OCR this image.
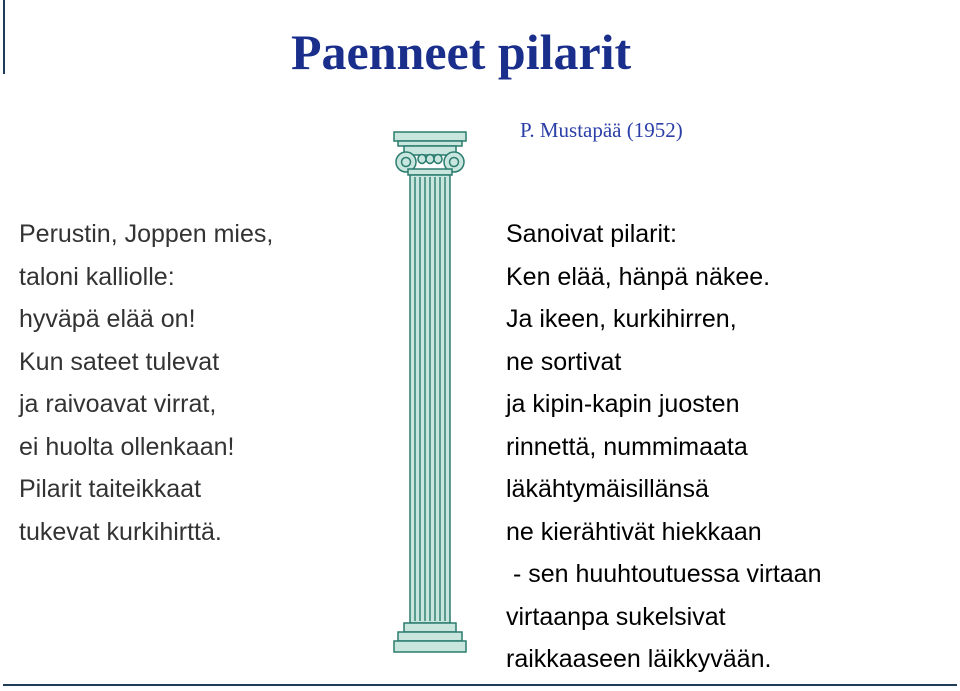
Paenneet pilarit
P. Mustapää (1952)
Perustin, Joppen mies,
taloni kalliolle:
hyväpä elää on!
Kun sateet tulevat
ja raivoavat virrat,
ei huolta ollenkaan!
Pilarit taiteikkaat
tukevat kurkihirttä.
Sanoivat pilarit:
Ken elää, hänpä näkee.
Ja ikeen, kurkihirren,
ne sortivat
ja kipin-kapin juosten
rinnettä, nummimaata
läkähtymäisillänsä
ne kierähtivät hiekkaan
- sen huuhtoutuessa virtaan
virtaanpa sukelsivat
raikkaaseen läikkyvään.
